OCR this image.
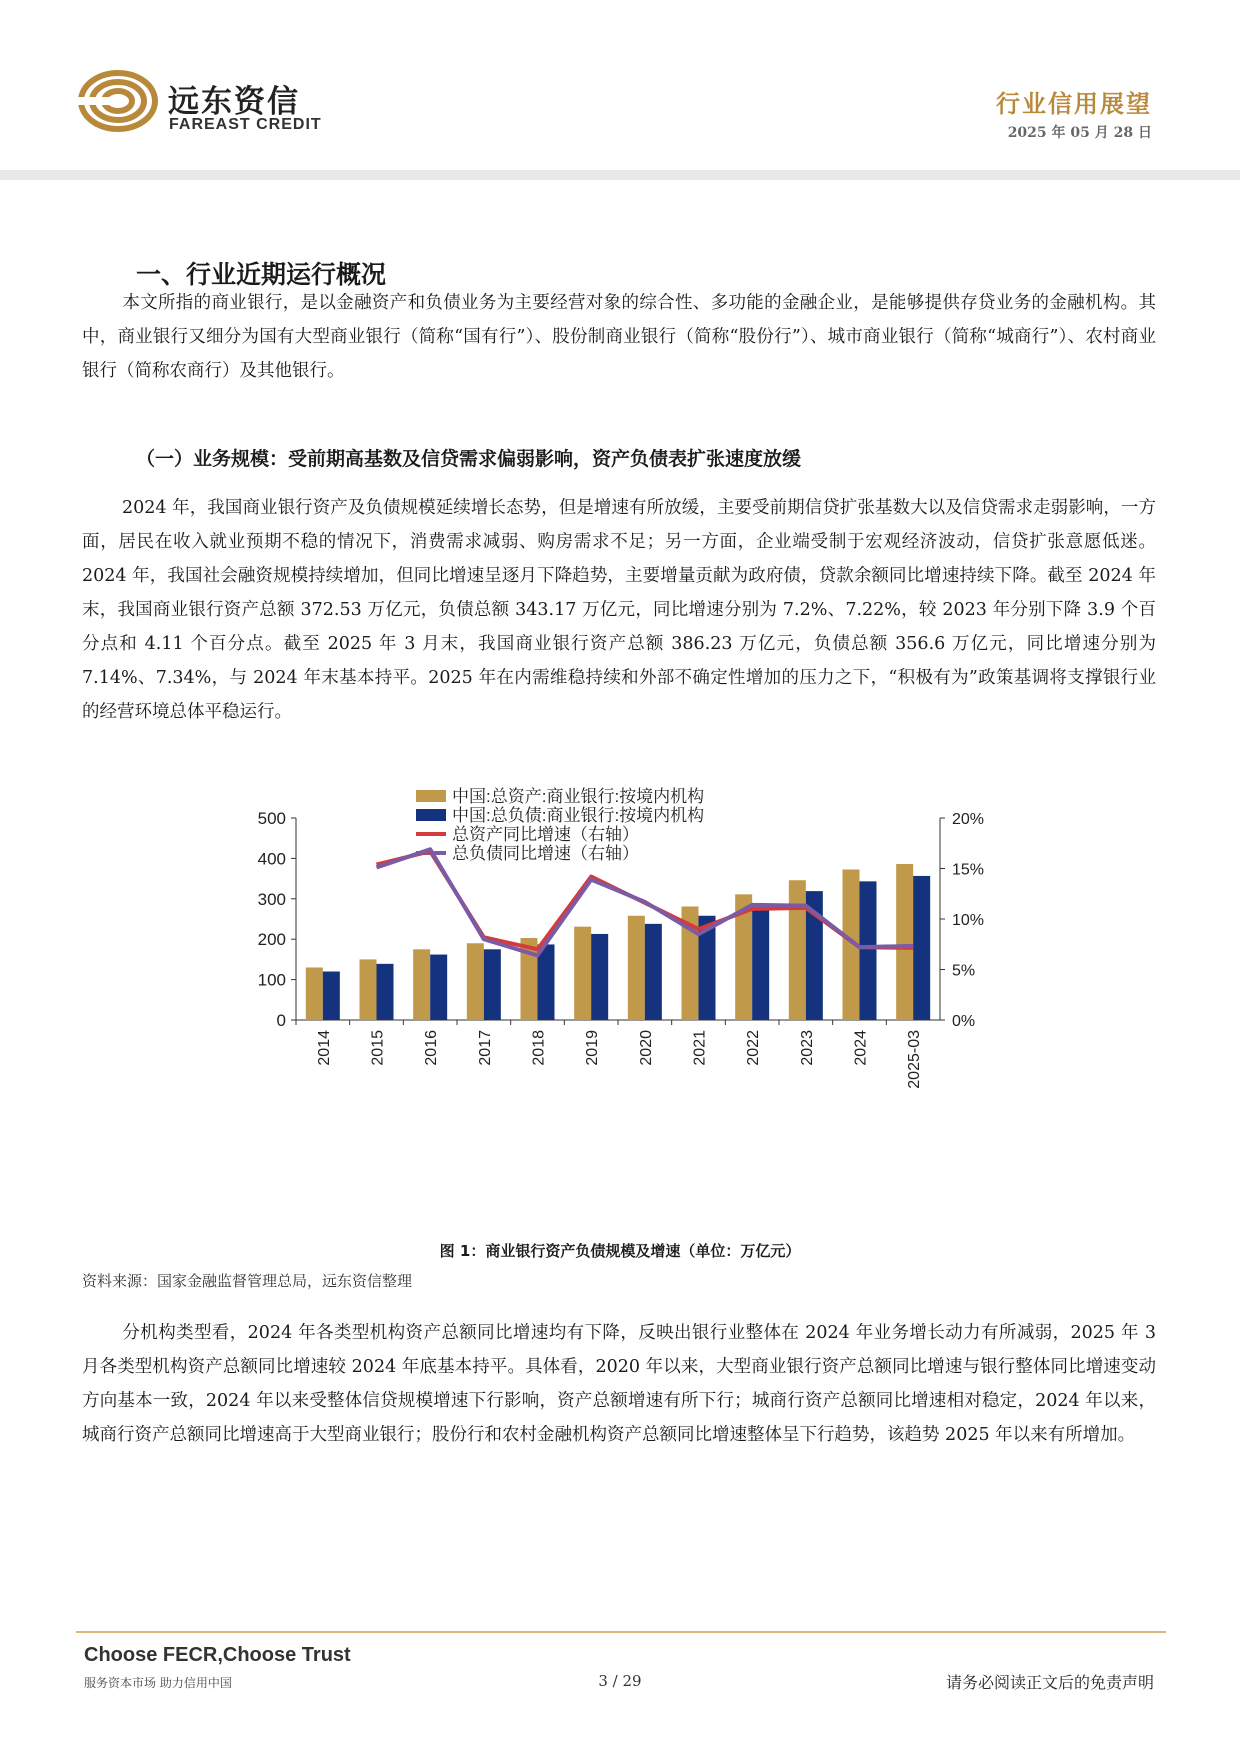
远东资信
FAREAST CREDIT
行业信用展望
2025 年 05 月 28 日
一、行业近期运行概况

本文所指的商业银行，是以金融资产和负债业务为主要经营对象的综合性、多功能的金融企业，是能够提供存贷业务的金融机构。其中，商业银行又细分为国有大型商业银行（简称“国有行”）、股份制商业银行（简称“股份行”）、城市商业银行（简称“城商行”）、农村商业银行（简称农商行）及其他银行。

（一）业务规模：受前期高基数及信贷需求偏弱影响，资产负债表扩张速度放缓

2024 年，我国商业银行资产及负债规模延续增长态势，但是增速有所放缓，主要受前期信贷扩张基数大以及信贷需求走弱影响，一方面，居民在收入就业预期不稳的情况下，消费需求减弱、购房需求不足；另一方面，企业端受制于宏观经济波动，信贷扩张意愿低迷。2024 年，我国社会融资规模持续增加，但同比增速呈逐月下降趋势，主要增量贡献为政府债，贷款余额同比增速持续下降。截至 2024 年末，我国商业银行资产总额 372.53 万亿元，负债总额 343.17 万亿元，同比增速分别为 7.2%、7.22%，较 2023 年分别下降 3.9 个百分点和 4.11 个百分点。截至 2025 年 3 月末，我国商业银行资产总额 386.23 万亿元，负债总额 356.6 万亿元，同比增速分别为 7.14%、7.34%，与 2024 年末基本持平。2025 年在内需维稳持续和外部不确定性增加的压力之下，“积极有为”政策基调将支撑银行业的经营环境总体平稳运行。

中国:总资产:商业银行:按境内机构
中国:总负债:商业银行:按境内机构
总资产同比增速（右轴）
总负债同比增速（右轴）
0
100
200
300
400
500
0%
5%
10%
15%
20%
2014 2015 2016 2017 2018 2019 2020 2021 2022 2023 2024 2025-03
图 1：商业银行资产负债规模及增速（单位：万亿元）
资料来源：国家金融监督管理总局，远东资信整理

分机构类型看，2024 年各类型机构资产总额同比增速均有下降，反映出银行业整体在 2024 年业务增长动力有所减弱，2025 年 3 月各类型机构资产总额同比增速较 2024 年底基本持平。具体看，2020 年以来，大型商业银行资产总额同比增速与银行整体同比增速变动方向基本一致，2024 年以来受整体信贷规模增速下行影响，资产总额增速有所下行；城商行资产总额同比增速相对稳定，2024 年以来，城商行资产总额同比增速高于大型商业银行；股份行和农村金融机构资产总额同比增速整体呈下行趋势，该趋势 2025 年以来有所增加。

Choose FECR,Choose Trust
服务资本市场 助力信用中国	3 / 29	请务必阅读正文后的免责声明
